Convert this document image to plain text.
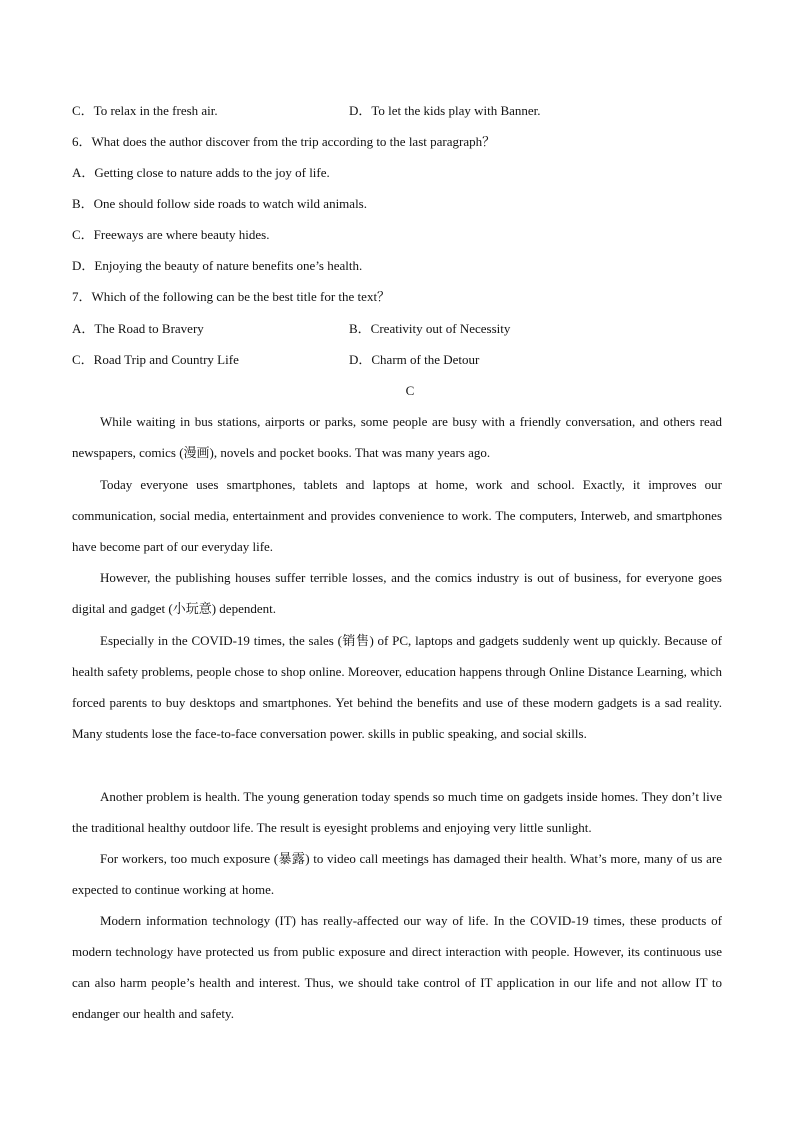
C．To relax in the fresh air.	D．To let the kids play with Banner.
6．What does the author discover from the trip according to the last paragraph？
A．Getting close to nature adds to the joy of life.
B．One should follow side roads to watch wild animals.
C．Freeways are where beauty hides.
D．Enjoying the beauty of nature benefits one’s health.
7．Which of the following can be the best title for the text？
A．The Road to Bravery	B．Creativity out of Necessity
C．Road Trip and Country Life	D．Charm of the Detour
C

While waiting in bus stations, airports or parks, some people are busy with a friendly conversation, and others read newspapers, comics (漫画), novels and pocket books. That was many years ago.

Today everyone uses smartphones, tablets and laptops at home, work and school. Exactly, it improves our communication, social media, entertainment and provides convenience to work. The computers, Interweb, and smartphones have become part of our everyday life.

However, the publishing houses suffer terrible losses, and the comics industry is out of business, for everyone goes digital and gadget (小玩意) dependent.

Especially in the COVID-19 times, the sales (销售) of PC, laptops and gadgets suddenly went up quickly. Because of health safety problems, people chose to shop online. Moreover, education happens through Online Distance Learning, which forced parents to buy desktops and smartphones. Yet behind the benefits and use of these modern gadgets is a sad reality. Many students lose the face-to-face conversation power. skills in public speaking, and social skills.

Another problem is health. The young generation today spends so much time on gadgets inside homes. They don’t live the traditional healthy outdoor life. The result is eyesight problems and enjoying very little sunlight.

For workers, too much exposure (暴露) to video call meetings has damaged their health. What’s more, many of us are expected to continue working at home.

Modern information technology (IT) has really-affected our way of life. In the COVID-19 times, these products of modern technology have protected us from public exposure and direct interaction with people. However, its continuous use can also harm people’s health and interest. Thus, we should take control of IT application in our life and not allow IT to endanger our health and safety.
